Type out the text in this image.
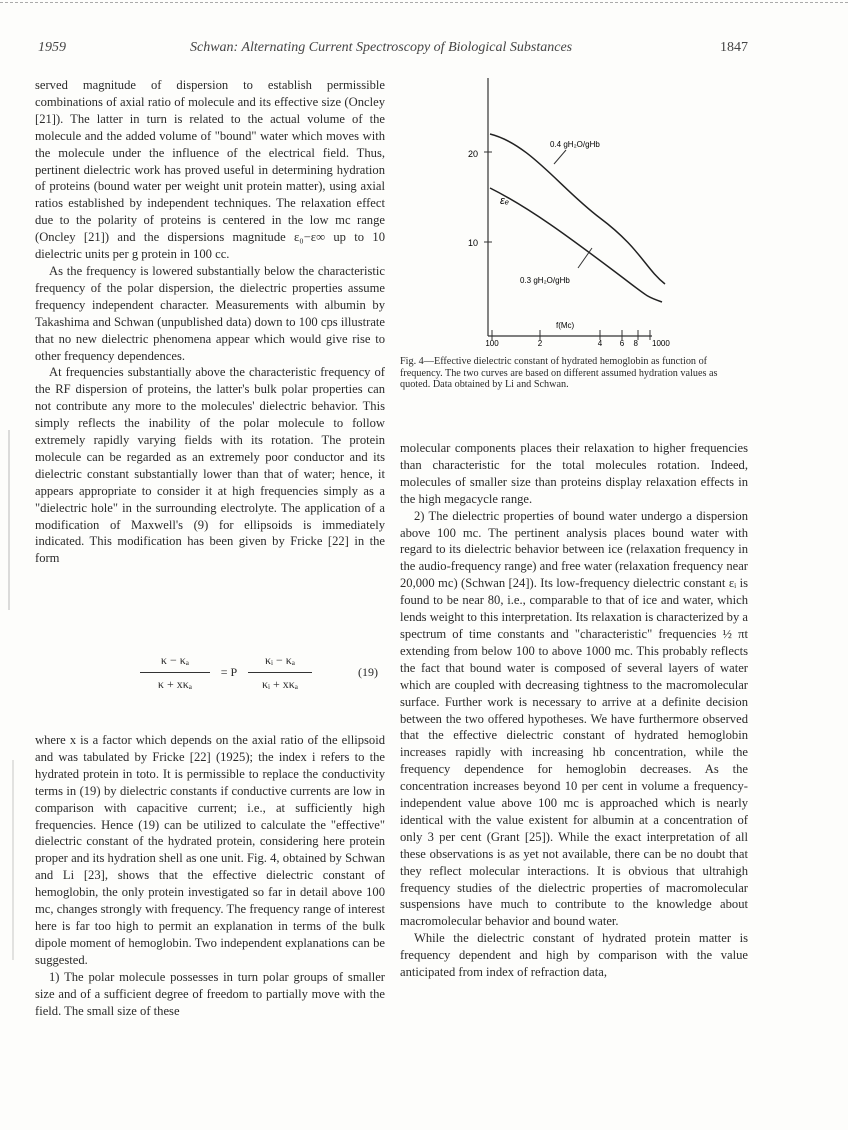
1959	Schwan: Alternating Current Spectroscopy of Biological Substances	1847

served magnitude of dispersion to establish permissible combinations of axial ratio of molecule and its effective size (Oncley [21]). The latter in turn is related to the actual volume of the molecule and the added volume of "bound" water which moves with the molecule under the influence of the electrical field. Thus, pertinent dielectric work has proved useful in determining hydration of proteins (bound water per weight unit protein matter), using axial ratios established by independent techniques. The relaxation effect due to the polarity of proteins is centered in the low mc range (Oncley [21]) and the dispersions magnitude ε₀−ε∞ up to 10 dielectric units per g protein in 100 cc.

As the frequency is lowered substantially below the characteristic frequency of the polar dispersion, the dielectric properties assume frequency independent character. Measurements with albumin by Takashima and Schwan (unpublished data) down to 100 cps illustrate that no new dielectric phenomena appear which would give rise to other frequency dependences.

At frequencies substantially above the characteristic frequency of the RF dispersion of proteins, the latter's bulk polar properties can not contribute any more to the molecules' dielectric behavior. This simply reflects the inability of the polar molecule to follow extremely rapidly varying fields with its rotation. The protein molecule can be regarded as an extremely poor conductor and its dielectric constant substantially lower than that of water; hence, it appears appropriate to consider it at high frequencies simply as a "dielectric hole" in the surrounding electrolyte. The application of a modification of Maxwell's (9) for ellipsoids is immediately indicated. This modification has been given by Fricke [22] in the form

κ − κₐ
κ + xκₐ
= P
κᵢ − κₐ
κᵢ + xκₐ
(19)

where x is a factor which depends on the axial ratio of the ellipsoid and was tabulated by Fricke [22] (1925); the index i refers to the hydrated protein in toto. It is permissible to replace the conductivity terms in (19) by dielectric constants if conductive currents are low in comparison with capacitive current; i.e., at sufficiently high frequencies. Hence (19) can be utilized to calculate the "effective" dielectric constant of the hydrated protein, considering here protein proper and its hydration shell as one unit. Fig. 4, obtained by Schwan and Li [23], shows that the effective dielectric constant of hemoglobin, the only protein investigated so far in detail above 100 mc, changes strongly with frequency. The frequency range of interest here is far too high to permit an explanation in terms of the bulk dipole moment of hemoglobin. Two independent explanations can be suggested.

1) The polar molecule possesses in turn polar groups of smaller size and of a sufficient degree of freedom to partially move with the field. The small size of these

20
10
εₑ
100	2	4 6 8 1000
f(Mc)
0.4 gH₂O/gHb
0.3 gH₂O/gHb
Fig. 4—Effective dielectric constant of hydrated hemoglobin as function of frequency. The two curves are based on different assumed hydration values as quoted. Data obtained by Li and Schwan.

molecular components places their relaxation to higher frequencies than characteristic for the total molecules rotation. Indeed, molecules of smaller size than proteins display relaxation effects in the high megacycle range.

2) The dielectric properties of bound water undergo a dispersion above 100 mc. The pertinent analysis places bound water with regard to its dielectric behavior between ice (relaxation frequency in the audio-frequency range) and free water (relaxation frequency near 20,000 mc) (Schwan [24]). Its low-frequency dielectric constant εᵢ is found to be near 80, i.e., comparable to that of ice and water, which lends weight to this interpretation. Its relaxation is characterized by a spectrum of time constants and "characteristic" frequencies ½ πt extending from below 100 to above 1000 mc. This probably reflects the fact that bound water is composed of several layers of water which are coupled with decreasing tightness to the macromolecular surface. Further work is necessary to arrive at a definite decision between the two offered hypotheses. We have furthermore observed that the effective dielectric constant of hydrated hemoglobin increases rapidly with increasing hb concentration, while the frequency dependence for hemoglobin decreases. As the concentration increases beyond 10 per cent in volume a frequency-independent value above 100 mc is approached which is nearly identical with the value existent for albumin at a concentration of only 3 per cent (Grant [25]). While the exact interpretation of all these observations is as yet not available, there can be no doubt that they reflect molecular interactions. It is obvious that ultrahigh frequency studies of the dielectric properties of macromolecular suspensions have much to contribute to the knowledge about macromolecular behavior and bound water.

While the dielectric constant of hydrated protein matter is frequency dependent and high by comparison with the value anticipated from index of refraction data,
